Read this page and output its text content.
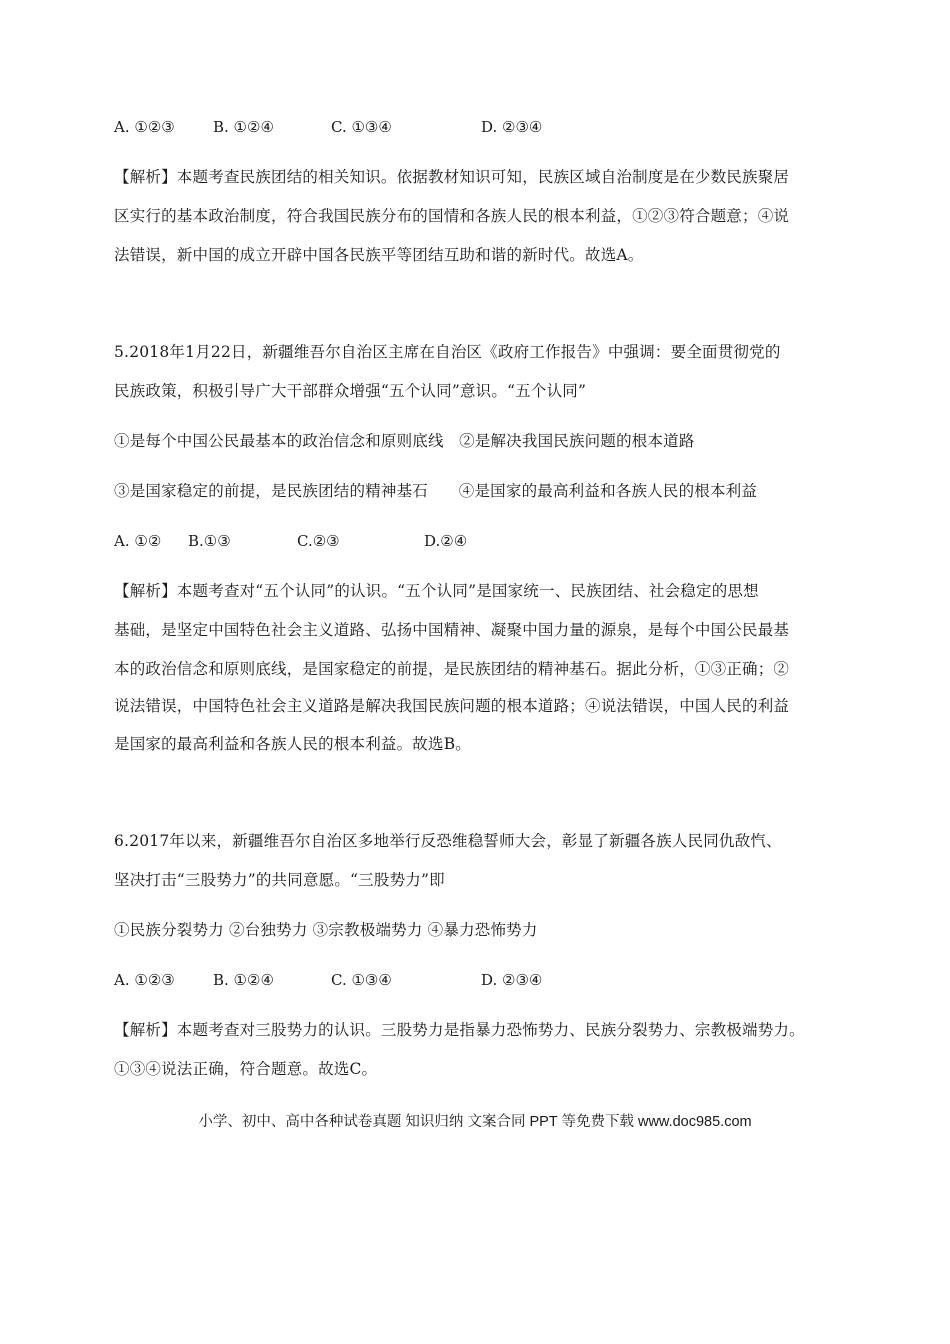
A. ①②③	B. ①②④	C. ①③④	D. ②③④
【解析】本题考查民族团结的相关知识。依据教材知识可知，民族区域自治制度是在少数民族聚居
区实行的基本政治制度，符合我国民族分布的国情和各族人民的根本利益，①②③符合题意；④说
法错误，新中国的成立开辟中国各民族平等团结互助和谐的新时代。故选A。
5.2018年1月22日，新疆维吾尔自治区主席在自治区《政府工作报告》中强调：要全面贯彻党的
民族政策，积极引导广大干部群众增强“五个认同”意识。“五个认同”
①是每个中国公民最基本的政治信念和原则底线   ②是解决我国民族问题的根本道路
③是国家稳定的前提，是民族团结的精神基石      ④是国家的最高利益和各族人民的根本利益
A. ①② B.①③	C.②③	D.②④
【解析】本题考查对“五个认同”的认识。“五个认同”是国家统一、民族团结、社会稳定的思想
基础，是坚定中国特色社会主义道路、弘扬中国精神、凝聚中国力量的源泉，是每个中国公民最基
本的政治信念和原则底线，是国家稳定的前提，是民族团结的精神基石。据此分析，①③正确；②
说法错误，中国特色社会主义道路是解决我国民族问题的根本道路；④说法错误，中国人民的利益
是国家的最高利益和各族人民的根本利益。故选B。
6.2017年以来，新疆维吾尔自治区多地举行反恐维稳誓师大会，彰显了新疆各族人民同仇敌忾、
坚决打击“三股势力”的共同意愿。“三股势力”即
①民族分裂势力 ②台独势力 ③宗教极端势力 ④暴力恐怖势力
A. ①②③	B. ①②④	C. ①③④	D. ②③④
【解析】本题考查对三股势力的认识。三股势力是指暴力恐怖势力、民族分裂势力、宗教极端势力。
①③④说法正确，符合题意。故选C。
小学、初中、高中各种试卷真题 知识归纳 文案合同 PPT 等免费下载 www.doc985.com
